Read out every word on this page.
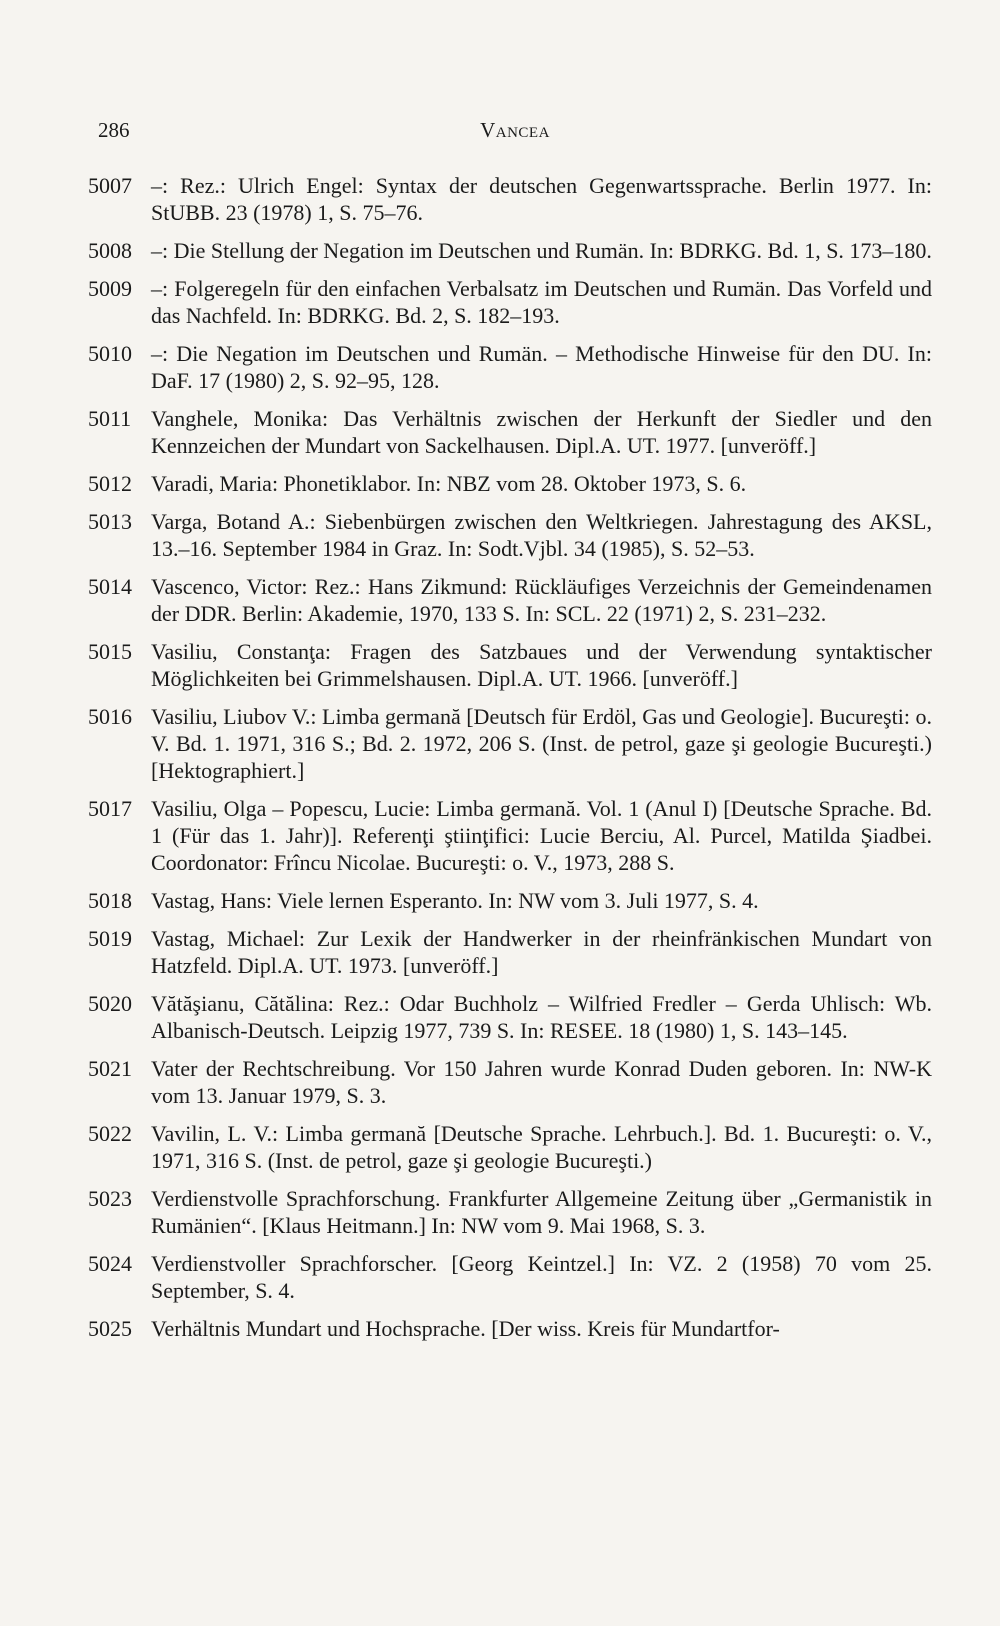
286	Vancea
5007 –: Rez.: Ulrich Engel: Syntax der deutschen Gegenwartssprache. Berlin 1977. In: StUBB. 23 (1978) 1, S. 75–76.
5008 –: Die Stellung der Negation im Deutschen und Rumän. In: BDRKG. Bd. 1, S. 173–180.
5009 –: Folgeregeln für den einfachen Verbalsatz im Deutschen und Rumän. Das Vorfeld und das Nachfeld. In: BDRKG. Bd. 2, S. 182–193.
5010 –: Die Negation im Deutschen und Rumän. – Methodische Hinweise für den DU. In: DaF. 17 (1980) 2, S. 92–95, 128.
5011 Vanghele, Monika: Das Verhältnis zwischen der Herkunft der Siedler und den Kennzeichen der Mundart von Sackelhausen. Dipl.A. UT. 1977. [unveröff.]
5012 Varadi, Maria: Phonetiklabor. In: NBZ vom 28. Oktober 1973, S. 6.
5013 Varga, Botand A.: Siebenbürgen zwischen den Weltkriegen. Jahrestagung des AKSL, 13.–16. September 1984 in Graz. In: Sodt.Vjbl. 34 (1985), S. 52–53.
5014 Vascenco, Victor: Rez.: Hans Zikmund: Rückläufiges Verzeichnis der Gemeindenamen der DDR. Berlin: Akademie, 1970, 133 S. In: SCL. 22 (1971) 2, S. 231–232.
5015 Vasiliu, Constanţa: Fragen des Satzbaues und der Verwendung syntaktischer Möglichkeiten bei Grimmelshausen. Dipl.A. UT. 1966. [unveröff.]
5016 Vasiliu, Liubov V.: Limba germană [Deutsch für Erdöl, Gas und Geologie]. Bucureşti: o. V. Bd. 1. 1971, 316 S.; Bd. 2. 1972, 206 S. (Inst. de petrol, gaze şi geologie Bucureşti.) [Hektographiert.]
5017 Vasiliu, Olga – Popescu, Lucie: Limba germană. Vol. 1 (Anul I) [Deutsche Sprache. Bd. 1 (Für das 1. Jahr)]. Referenţi ştiinţifici: Lucie Berciu, Al. Purcel, Matilda Şiadbei. Coordonator: Frîncu Nicolae. Bucureşti: o. V., 1973, 288 S.
5018 Vastag, Hans: Viele lernen Esperanto. In: NW vom 3. Juli 1977, S. 4.
5019 Vastag, Michael: Zur Lexik der Handwerker in der rheinfränkischen Mundart von Hatzfeld. Dipl.A. UT. 1973. [unveröff.]
5020 Vătăşianu, Cătălina: Rez.: Odar Buchholz – Wilfried Fredler – Gerda Uhlisch: Wb. Albanisch-Deutsch. Leipzig 1977, 739 S. In: RESEE. 18 (1980) 1, S. 143–145.
5021 Vater der Rechtschreibung. Vor 150 Jahren wurde Konrad Duden geboren. In: NW-K vom 13. Januar 1979, S. 3.
5022 Vavilin, L. V.: Limba germană [Deutsche Sprache. Lehrbuch.]. Bd. 1. Bucureşti: o. V., 1971, 316 S. (Inst. de petrol, gaze şi geologie Bucureşti.)
5023 Verdienstvolle Sprachforschung. Frankfurter Allgemeine Zeitung über „Germanistik in Rumänien“. [Klaus Heitmann.] In: NW vom 9. Mai 1968, S. 3.
5024 Verdienstvoller Sprachforscher. [Georg Keintzel.] In: VZ. 2 (1958) 70 vom 25. September, S. 4.
5025 Verhältnis Mundart und Hochsprache. [Der wiss. Kreis für Mundartfor-
